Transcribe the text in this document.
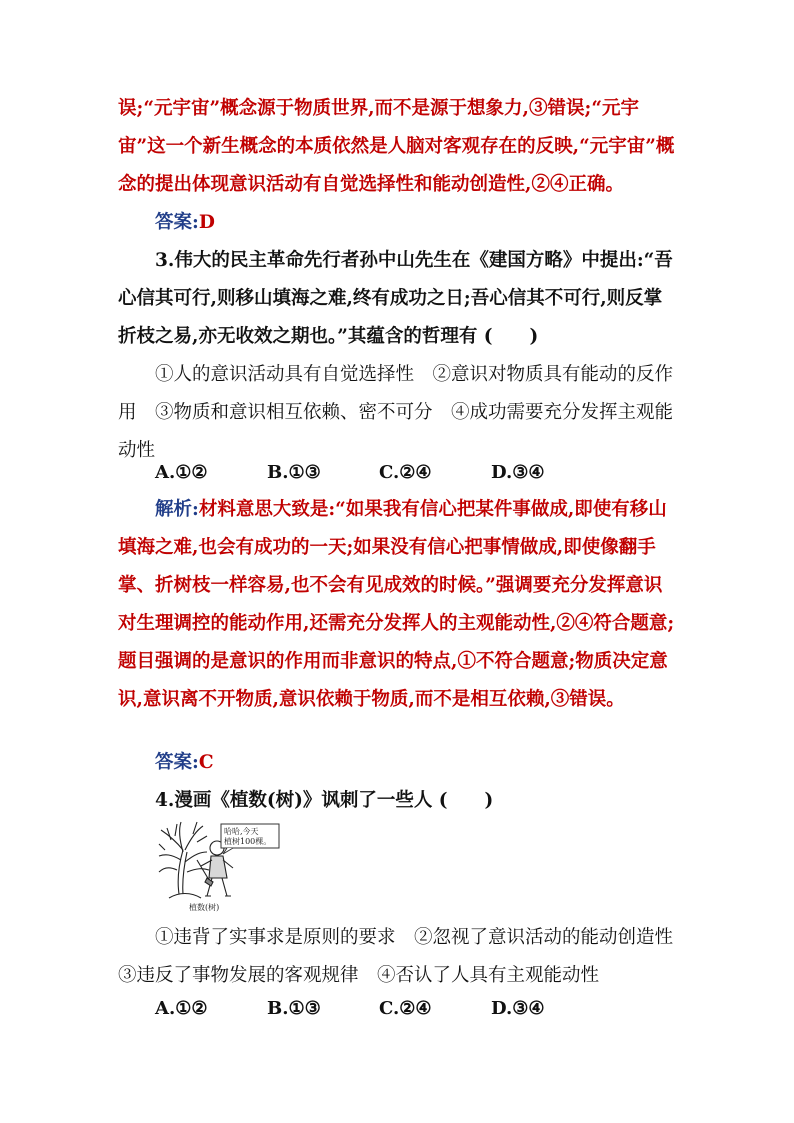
误;“元宇宙”概念源于物质世界,而不是源于想象力,③错误;“元宇宙”这一个新生概念的本质依然是人脑对客观存在的反映,“元宇宙”概念的提出体现意识活动有自觉选择性和能动创造性,②④正确。

答案:D

3.伟大的民主革命先行者孙中山先生在《建国方略》中提出:“吾心信其可行,则移山填海之难,终有成功之日;吾心信其不可行,则反掌折枝之易,亦无收效之期也。”其蕴含的哲理有 (　　)

①人的意识活动具有自觉选择性　②意识对物质具有能动的反作用　③物质和意识相互依赖、密不可分　④成功需要充分发挥主观能动性

A.①②	B.①③	C.②④	D.③④

解析:材料意思大致是:“如果我有信心把某件事做成,即使有移山填海之难,也会有成功的一天;如果没有信心把事情做成,即使像翻手掌、折树枝一样容易,也不会有见成效的时候。”强调要充分发挥意识对生理调控的能动作用,还需充分发挥人的主观能动性,②④符合题意;题目强调的是意识的作用而非意识的特点,①不符合题意;物质决定意识,意识离不开物质,意识依赖于物质,而不是相互依赖,③错误。

答案:C

4.漫画《植数(树)》讽刺了一些人 (　　)

哈哈,今天
植树100棵。
植数(树)

①违背了实事求是原则的要求　②忽视了意识活动的能动创造性　③违反了事物发展的客观规律　④否认了人具有主观能动性

A.①②	B.①③	C.②④	D.③④
